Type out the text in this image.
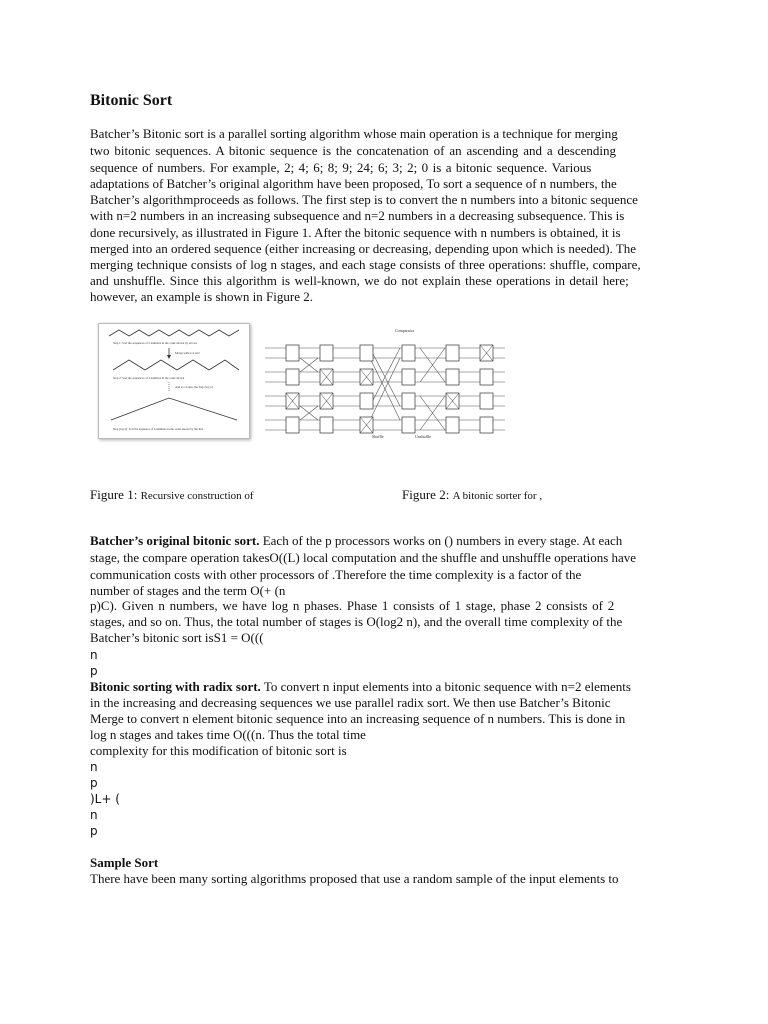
Bitonic Sort
Batcher’s Bitonic sort is a parallel sorting algorithm whose main operation is a technique for merging
two bitonic sequences. A bitonic sequence is the concatenation of an ascending and a descending
sequence of numbers. For example, 2; 4; 6; 8; 9; 24; 6; 3; 2; 0 is a bitonic sequence. Various
adaptations of Batcher’s original algorithm have been proposed, To sort a sequence of n numbers, the
Batcher’s algorithmproceeds as follows. The first step is to convert the n numbers into a bitonic sequence
with n=2 numbers in an increasing subsequence and n=2 numbers in a decreasing subsequence. This is
done recursively, as illustrated in Figure 1. After the bitonic sequence with n numbers is obtained, it is
merged into an ordered sequence (either increasing or decreasing, depending upon which is needed). The
merging technique consists of log n stages, and each stage consists of three operations: shuffle, compare,
and unshuffle. Since this algorithm is well-known, we do not explain these operations in detail here;
however, an example is shown in Figure 2.
Step 1: Sort the sequences of 2 numbers in the order shown by arrows
Merge with n=2 and
Step 2: Sort the sequences of 4 numbers in the order shown
And so on upto the Step (log n)
Step (log n): Sort the sequence of n numbers in the order shown by the line
Comparator
Shuffle	Unshuffle
Figure 1: Recursive construction of	Figure 2: A bitonic sorter for ,
Batcher’s original bitonic sort. Each of the p processors works on () numbers in every stage. At each
stage, the compare operation takesO((L) local computation and the shuffle and unshuffle operations have
communication costs with other processors of .Therefore the time complexity is a factor of the
number of stages and the term O(+ (n
p)C). Given n numbers, we have log n phases. Phase 1 consists of 1 stage, phase 2 consists of 2
stages, and so on. Thus, the total number of stages is O(log2 n), and the overall time complexity of the
Batcher’s bitonic sort isS1 = O(((
n
p
Bitonic sorting with radix sort. To convert n input elements into a bitonic sequence with n=2 elements
in the increasing and decreasing sequences we use parallel radix sort. We then use Batcher’s Bitonic
Merge to convert n element bitonic sequence into an increasing sequence of n numbers. This is done in
log n stages and takes time O(((n. Thus the total time
complexity for this modification of bitonic sort is
n
p
)L+ (
n
p
Sample Sort
There have been many sorting algorithms proposed that use a random sample of the input elements to
